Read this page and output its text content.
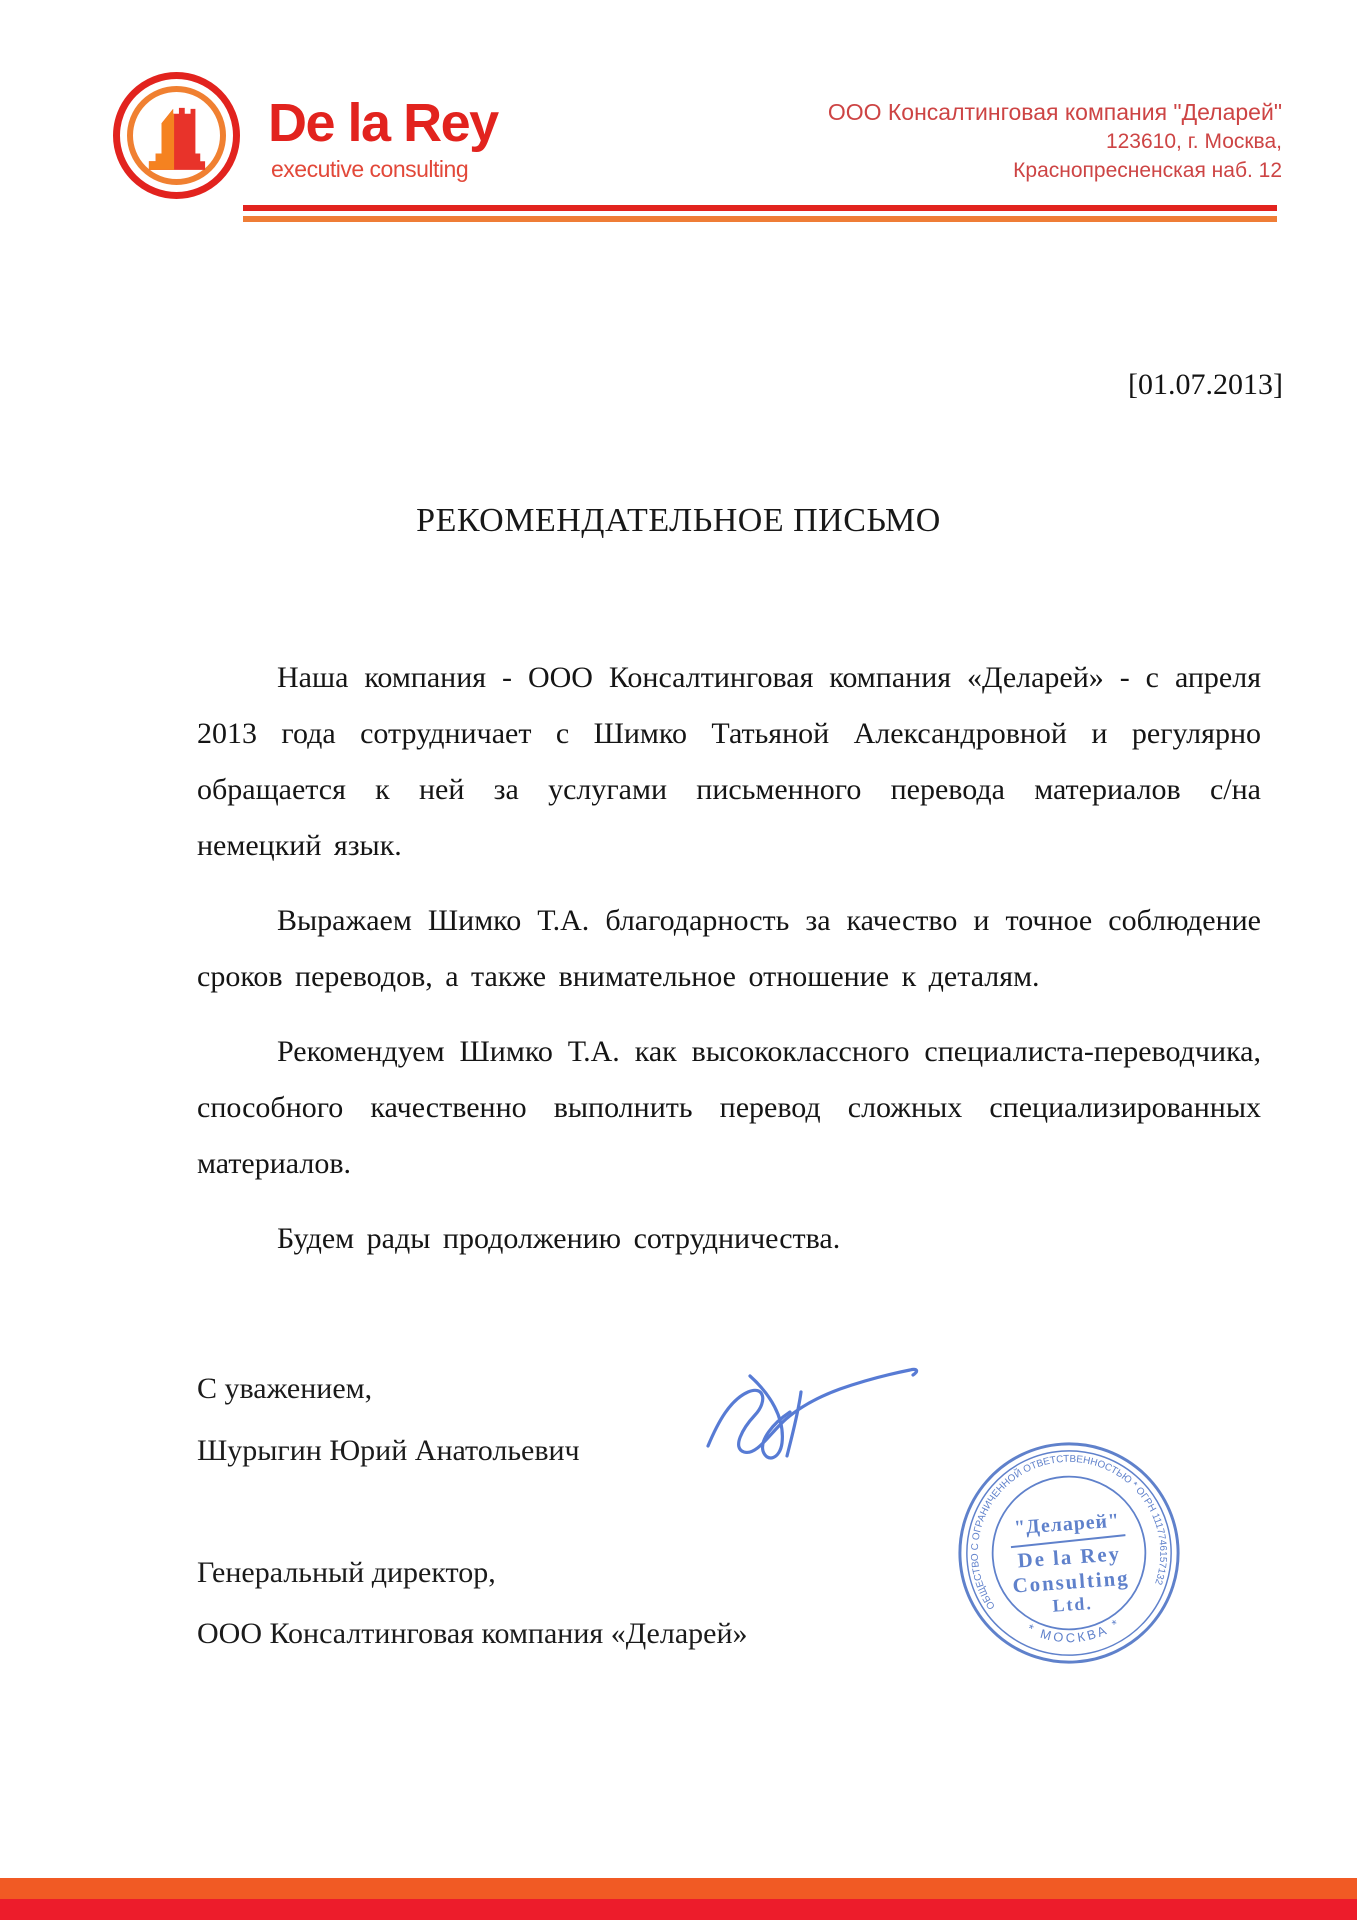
De la Rey
executive consulting
ООО Консалтинговая компания "Деларей"
123610, г. Москва,
Краснопресненская наб. 12
[01.07.2013]
РЕКОМЕНДАТЕЛЬНОЕ ПИСЬМО

Наша компания - ООО Консалтинговая компания «Деларей» - с апреля 2013 года сотрудничает с Шимко Татьяной Александровной и регулярно обращается к ней за услугами письменного перевода материалов с/на немецкий язык.

Выражаем Шимко Т.А. благодарность за качество и точное соблюдение сроков переводов, а также внимательное отношение к деталям.

Рекомендуем Шимко Т.А. как высококлассного специалиста-переводчика, способного качественно выполнить перевод сложных специализированных материалов.

Будем рады продолжению сотрудничества.

С уважением,
Шурыгин Юрий Анатольевич
Генеральный директор,
ООО Консалтинговая компания «Деларей»
ОБЩЕСТВО С ОГРАНИЧЕННОЙ ОТВЕТСТВЕННОСТЬЮ * ОГРН 1117746157132
* МОСКВА *
"Деларей"
De la Rey
Consulting
Ltd.
